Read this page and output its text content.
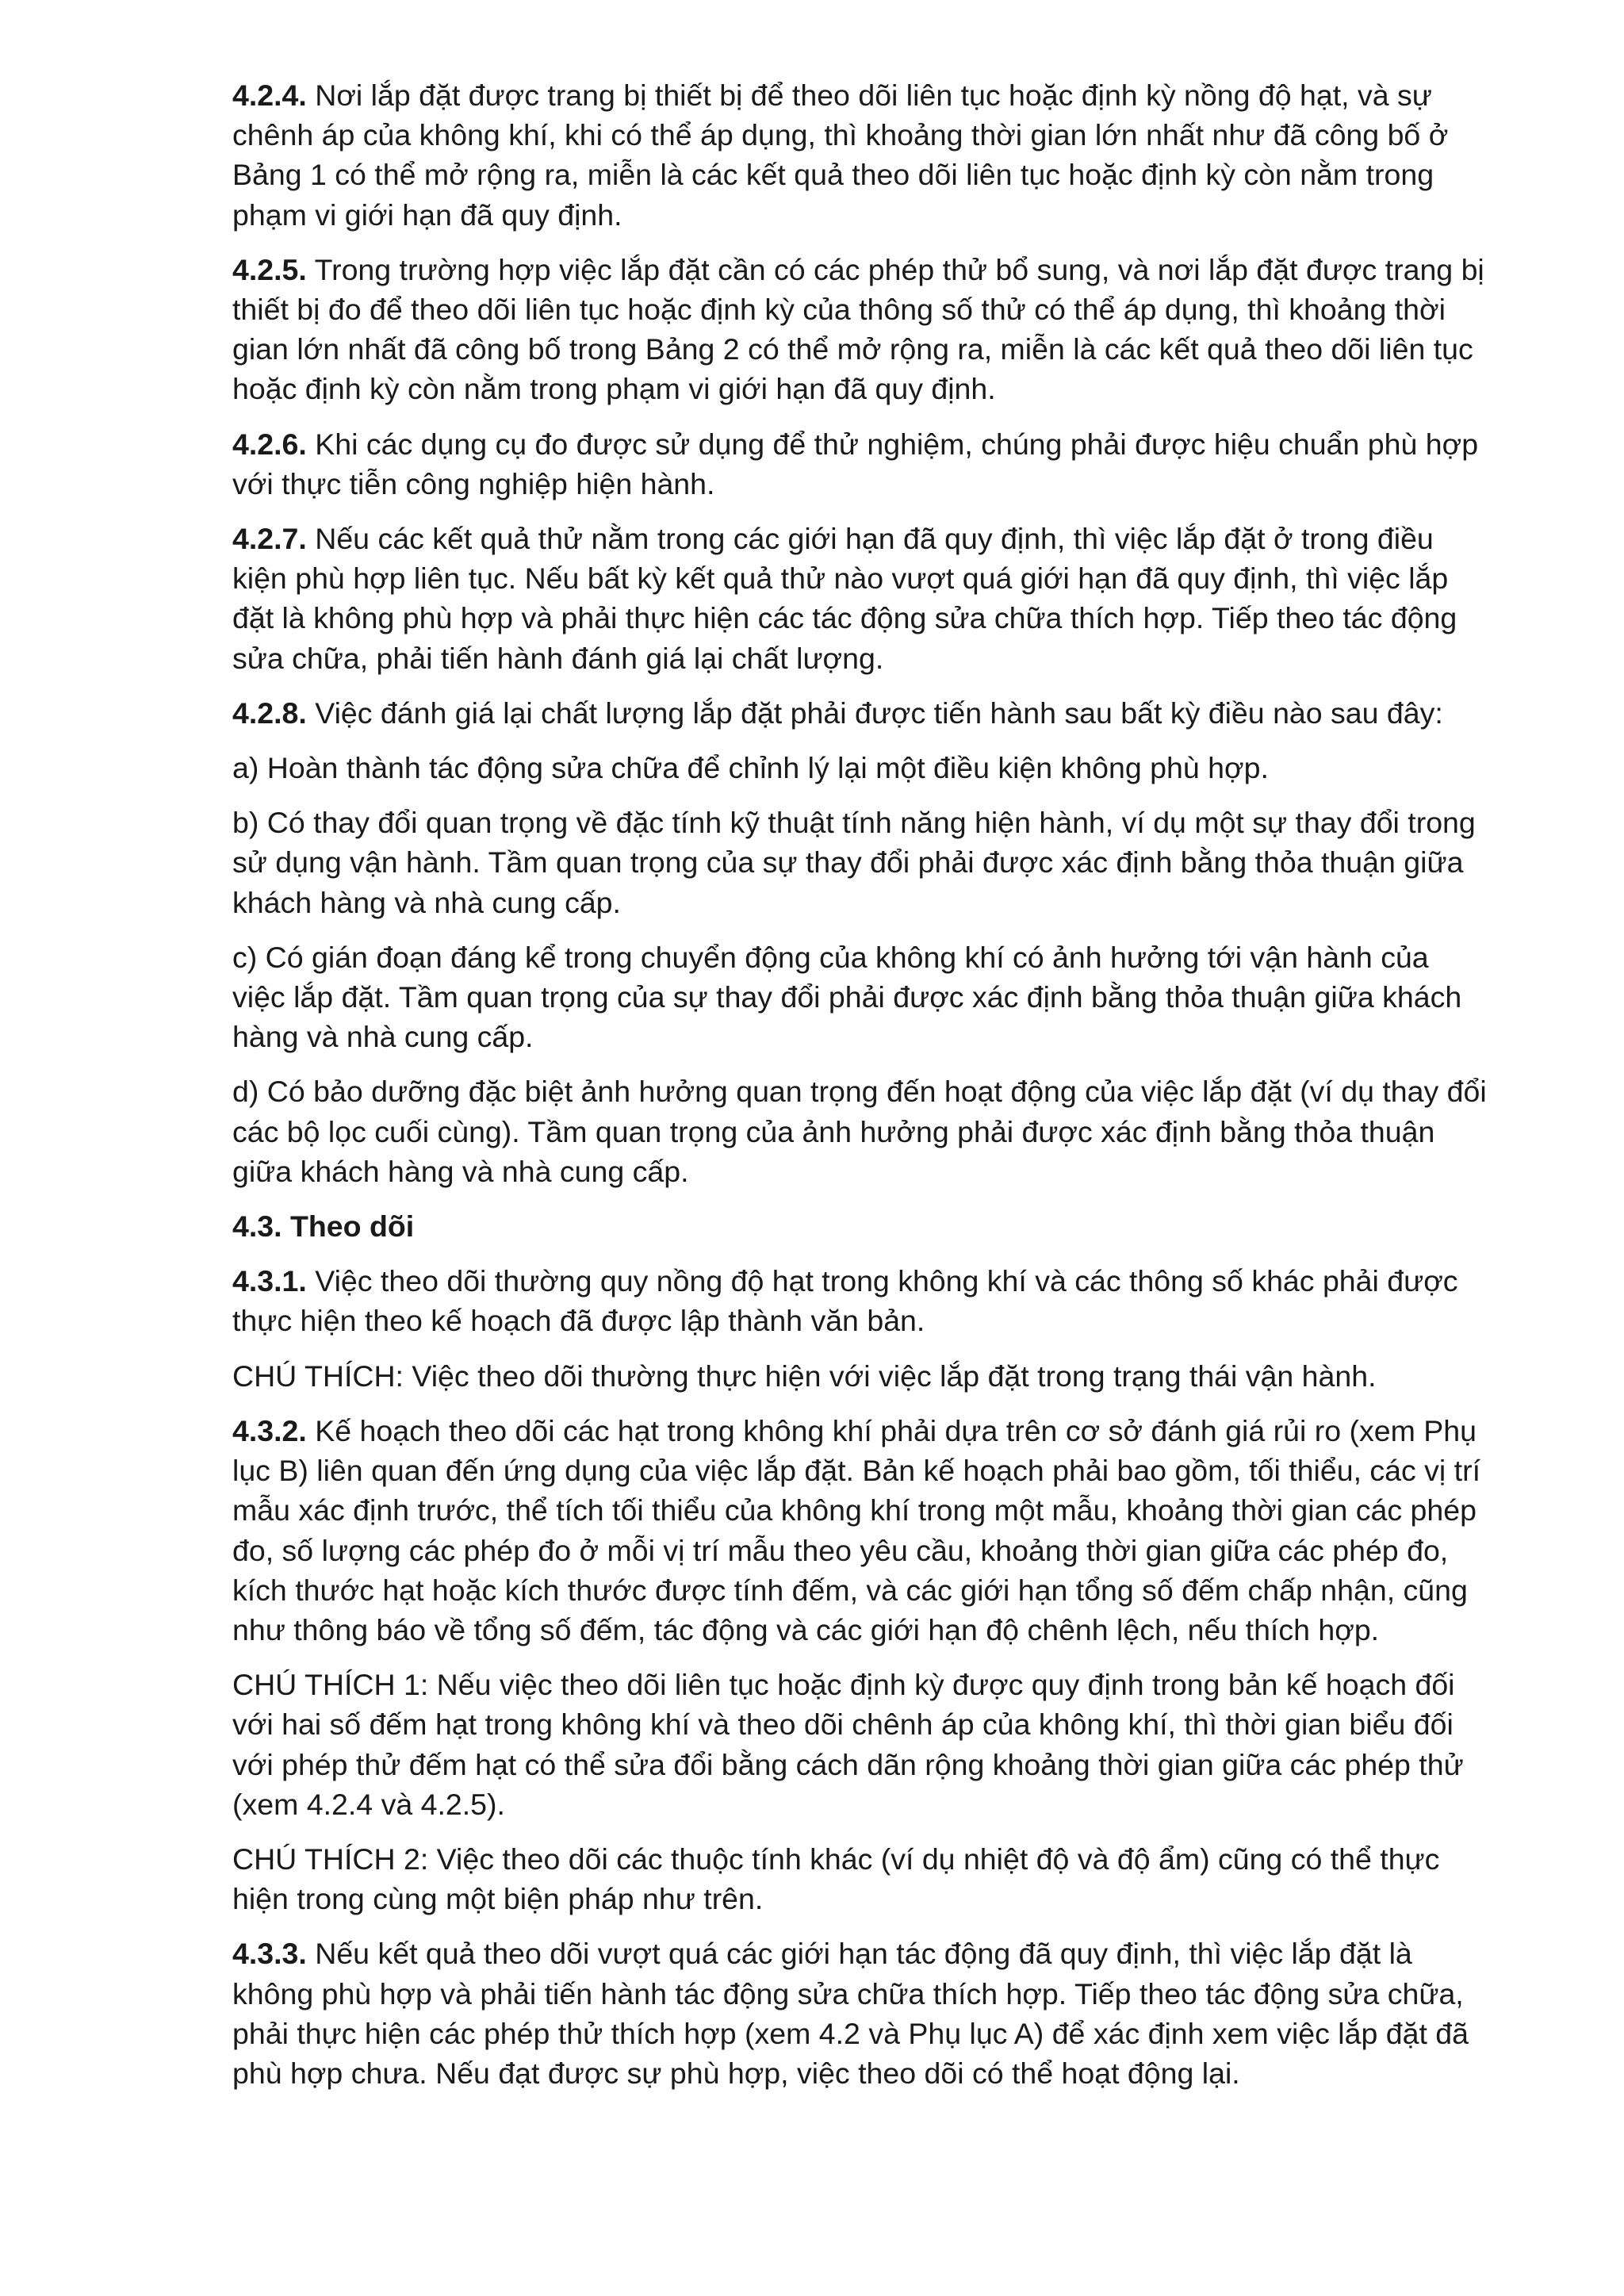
4.2.4. Nơi lắp đặt được trang bị thiết bị để theo dõi liên tục hoặc định kỳ nồng độ hạt, và sự chênh áp của không khí, khi có thể áp dụng, thì khoảng thời gian lớn nhất như đã công bố ở Bảng 1 có thể mở rộng ra, miễn là các kết quả theo dõi liên tục hoặc định kỳ còn nằm trong phạm vi giới hạn đã quy định.
4.2.5. Trong trường hợp việc lắp đặt cần có các phép thử bổ sung, và nơi lắp đặt được trang bị thiết bị đo để theo dõi liên tục hoặc định kỳ của thông số thử có thể áp dụng, thì khoảng thời gian lớn nhất đã công bố trong Bảng 2 có thể mở rộng ra, miễn là các kết quả theo dõi liên tục hoặc định kỳ còn nằm trong phạm vi giới hạn đã quy định.
4.2.6. Khi các dụng cụ đo được sử dụng để thử nghiệm, chúng phải được hiệu chuẩn phù hợp với thực tiễn công nghiệp hiện hành.
4.2.7. Nếu các kết quả thử nằm trong các giới hạn đã quy định, thì việc lắp đặt ở trong điều kiện phù hợp liên tục. Nếu bất kỳ kết quả thử nào vượt quá giới hạn đã quy định, thì việc lắp đặt là không phù hợp và phải thực hiện các tác động sửa chữa thích hợp. Tiếp theo tác động sửa chữa, phải tiến hành đánh giá lại chất lượng.
4.2.8. Việc đánh giá lại chất lượng lắp đặt phải được tiến hành sau bất kỳ điều nào sau đây:
a) Hoàn thành tác động sửa chữa để chỉnh lý lại một điều kiện không phù hợp.
b) Có thay đổi quan trọng về đặc tính kỹ thuật tính năng hiện hành, ví dụ một sự thay đổi trong sử dụng vận hành. Tầm quan trọng của sự thay đổi phải được xác định bằng thỏa thuận giữa khách hàng và nhà cung cấp.
c) Có gián đoạn đáng kể trong chuyển động của không khí có ảnh hưởng tới vận hành của việc lắp đặt. Tầm quan trọng của sự thay đổi phải được xác định bằng thỏa thuận giữa khách hàng và nhà cung cấp.
d) Có bảo dưỡng đặc biệt ảnh hưởng quan trọng đến hoạt động của việc lắp đặt (ví dụ thay đổi các bộ lọc cuối cùng). Tầm quan trọng của ảnh hưởng phải được xác định bằng thỏa thuận giữa khách hàng và nhà cung cấp.
4.3. Theo dõi
4.3.1. Việc theo dõi thường quy nồng độ hạt trong không khí và các thông số khác phải được thực hiện theo kế hoạch đã được lập thành văn bản.
CHÚ THÍCH: Việc theo dõi thường thực hiện với việc lắp đặt trong trạng thái vận hành.
4.3.2. Kế hoạch theo dõi các hạt trong không khí phải dựa trên cơ sở đánh giá rủi ro (xem Phụ lục B) liên quan đến ứng dụng của việc lắp đặt. Bản kế hoạch phải bao gồm, tối thiểu, các vị trí mẫu xác định trước, thể tích tối thiểu của không khí trong một mẫu, khoảng thời gian các phép đo, số lượng các phép đo ở mỗi vị trí mẫu theo yêu cầu, khoảng thời gian giữa các phép đo, kích thước hạt hoặc kích thước được tính đếm, và các giới hạn tổng số đếm chấp nhận, cũng như thông báo về tổng số đếm, tác động và các giới hạn độ chênh lệch, nếu thích hợp.
CHÚ THÍCH 1: Nếu việc theo dõi liên tục hoặc định kỳ được quy định trong bản kế hoạch đối với hai số đếm hạt trong không khí và theo dõi chênh áp của không khí, thì thời gian biểu đối với phép thử đếm hạt có thể sửa đổi bằng cách dãn rộng khoảng thời gian giữa các phép thử (xem 4.2.4 và 4.2.5).
CHÚ THÍCH 2: Việc theo dõi các thuộc tính khác (ví dụ nhiệt độ và độ ẩm) cũng có thể thực hiện trong cùng một biện pháp như trên.
4.3.3. Nếu kết quả theo dõi vượt quá các giới hạn tác động đã quy định, thì việc lắp đặt là không phù hợp và phải tiến hành tác động sửa chữa thích hợp. Tiếp theo tác động sửa chữa, phải thực hiện các phép thử thích hợp (xem 4.2 và Phụ lục A) để xác định xem việc lắp đặt đã phù hợp chưa. Nếu đạt được sự phù hợp, việc theo dõi có thể hoạt động lại.
